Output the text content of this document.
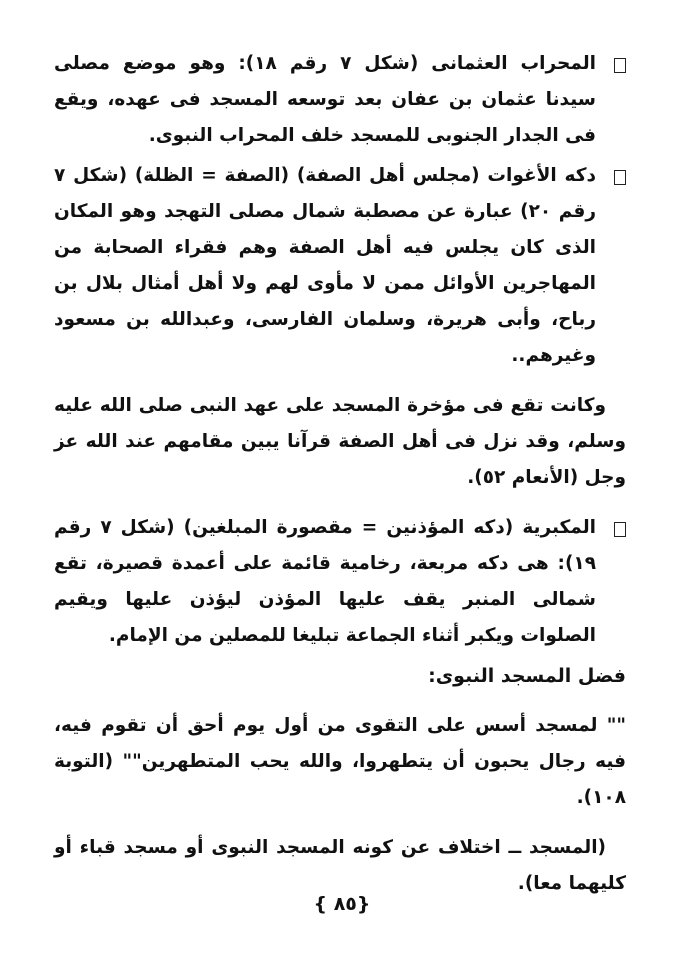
المحراب العثمانى (شكل ٧ رقم ١٨): وهو موضع مصلى سيدنا عثمان بن عفان بعد توسعه المسجد فى عهده، ويقع فى الجدار الجنوبى للمسجد خلف المحراب النبوى.

دكه الأغوات (مجلس أهل الصفة) (الصفة = الظلة) (شكل ٧ رقم ٢٠) عبارة عن مصطبة شمال مصلى التهجد وهو المكان الذى كان يجلس فيه أهل الصفة وهم فقراء الصحابة من المهاجرين الأوائل ممن لا مأوى لهم ولا أهل أمثال بلال بن رباح، وأبى هريرة، وسلمان الفارسى، وعبدالله بن مسعود وغيرهم..

وكانت تقع فى مؤخرة المسجد على عهد النبى صلى الله عليه وسلم، وقد نزل فى أهل الصفة قرآنا يبين مقامهم عند الله عز وجل (الأنعام ٥٢).

المكبرية (دكه المؤذنين = مقصورة المبلغين) (شكل ٧ رقم ١٩): هى دكه مربعة، رخامية قائمة على أعمدة قصيرة، تقع شمالى المنبر يقف عليها المؤذن ليؤذن عليها ويقيم الصلوات ويكبر أثناء الجماعة تبليغا للمصلين من الإمام.

فضل المسجد النبوى:

"" لمسجد أسس على التقوى من أول يوم أحق أن تقوم فيه، فيه رجال يحبون أن يتطهروا، والله يحب المتطهرين"" (التوبة ١٠٨).

(المسجد ــ اختلاف عن كونه المسجد النبوى أو مسجد قباء أو كليهما معا).

{ ٨٥}
